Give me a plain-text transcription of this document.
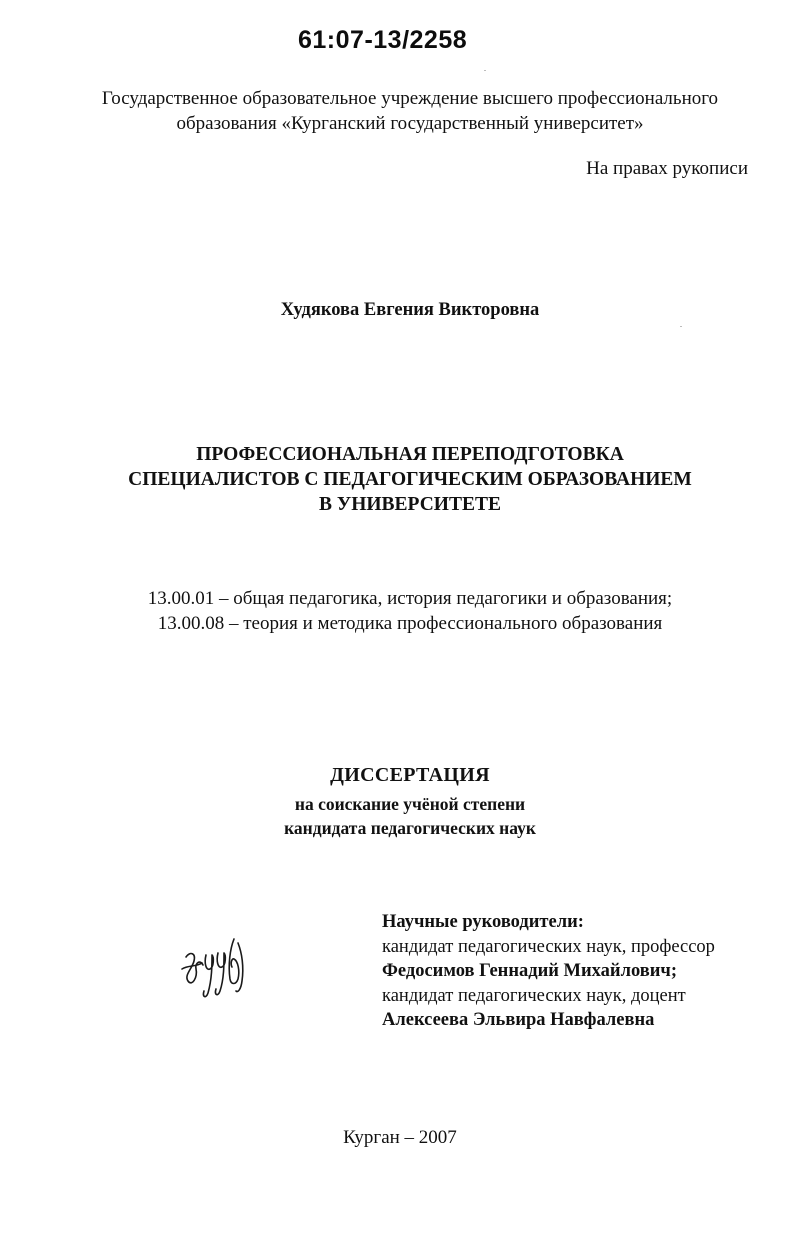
61:07-13/2258
Государственное образовательное учреждение высшего профессионального
образования «Курганский государственный университет»
На правах рукописи
Худякова Евгения Викторовна
ПРОФЕССИОНАЛЬНАЯ ПЕРЕПОДГОТОВКА
СПЕЦИАЛИСТОВ С ПЕДАГОГИЧЕСКИМ ОБРАЗОВАНИЕМ
В УНИВЕРСИТЕТЕ
13.00.01 – общая педагогика, история педагогики и образования;
13.00.08 – теория и методика профессионального образования
ДИССЕРТАЦИЯ
на соискание учёной степени
кандидата педагогических наук
Научные руководители:
кандидат педагогических наук, профессор
Федосимов Геннадий Михайлович;
кандидат педагогических наук, доцент
Алексеева Эльвира Навфалевна
Курган – 2007
